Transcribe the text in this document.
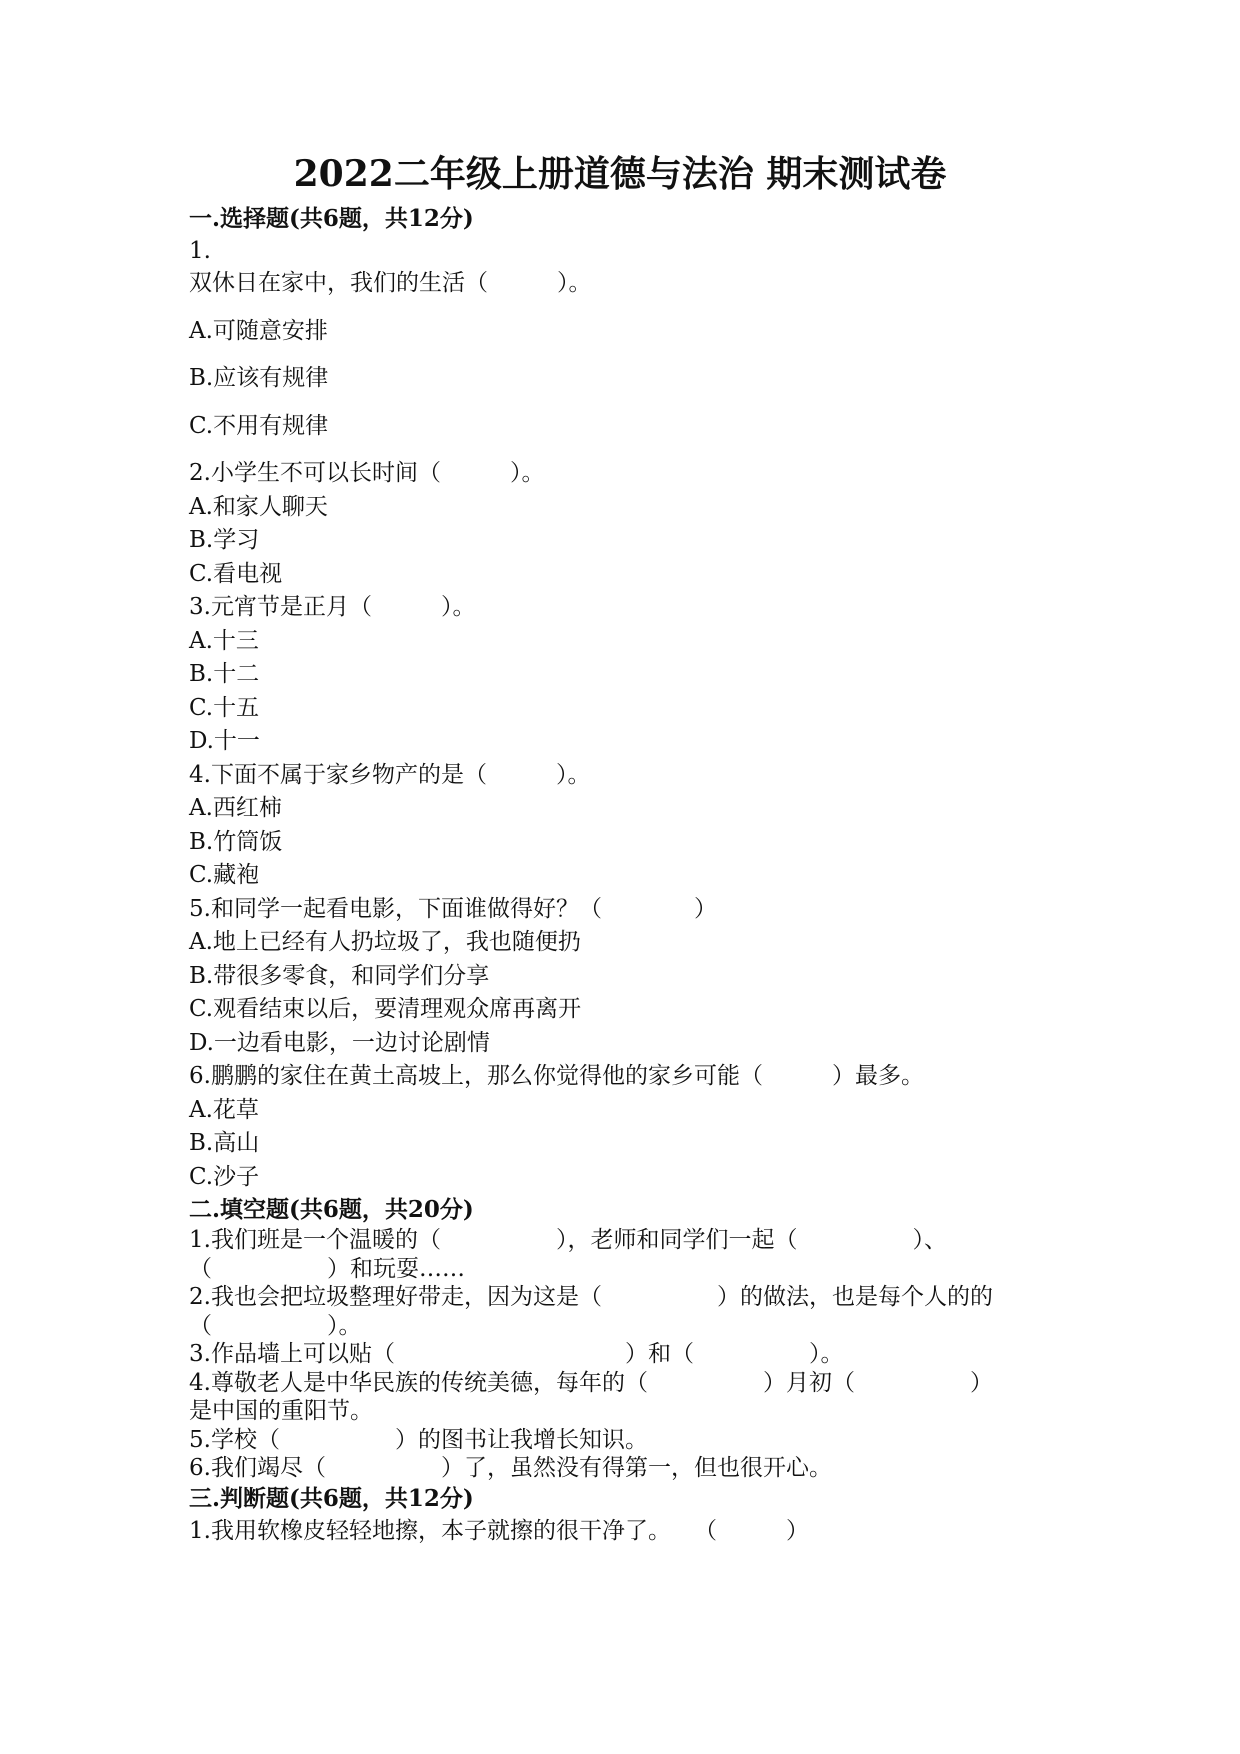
2022二年级上册道德与法治 期末测试卷
一.选择题(共6题，共12分)
1.
双休日在家中，我们的生活（　　　）。
A.可随意安排
B.应该有规律
C.不用有规律
2.小学生不可以长时间（　　　）。
A.和家人聊天
B.学习
C.看电视
3.元宵节是正月（　　　）。
A.十三
B.十二
C.十五
D.十一
4.下面不属于家乡物产的是（　　　）。
A.西红柿
B.竹筒饭
C.藏袍
5.和同学一起看电影，下面谁做得好？（　　　　）
A.地上已经有人扔垃圾了，我也随便扔
B.带很多零食，和同学们分享
C.观看结束以后，要清理观众席再离开
D.一边看电影，一边讨论剧情
6.鹏鹏的家住在黄土高坡上，那么你觉得他的家乡可能（　　　）最多。
A.花草
B.高山
C.沙子
二.填空题(共6题，共20分)
1.我们班是一个温暖的（　　　　　），老师和同学们一起（　　　　　）、
（　　　　　）和玩耍……
2.我也会把垃圾整理好带走，因为这是（　　　　　）的做法，也是每个人的的
（　　　　　）。
3.作品墙上可以贴（　　　　　　　　　　）和（　　　　　）。
4.尊敬老人是中华民族的传统美德，每年的（　　　　　）月初（　　　　　）
是中国的重阳节。
5.学校（　　　　　）的图书让我增长知识。
6.我们竭尽（　　　　　）了，虽然没有得第一，但也很开心。
三.判断题(共6题，共12分)
1.我用软橡皮轻轻地擦，本子就擦的很干净了。　　（　　　）
